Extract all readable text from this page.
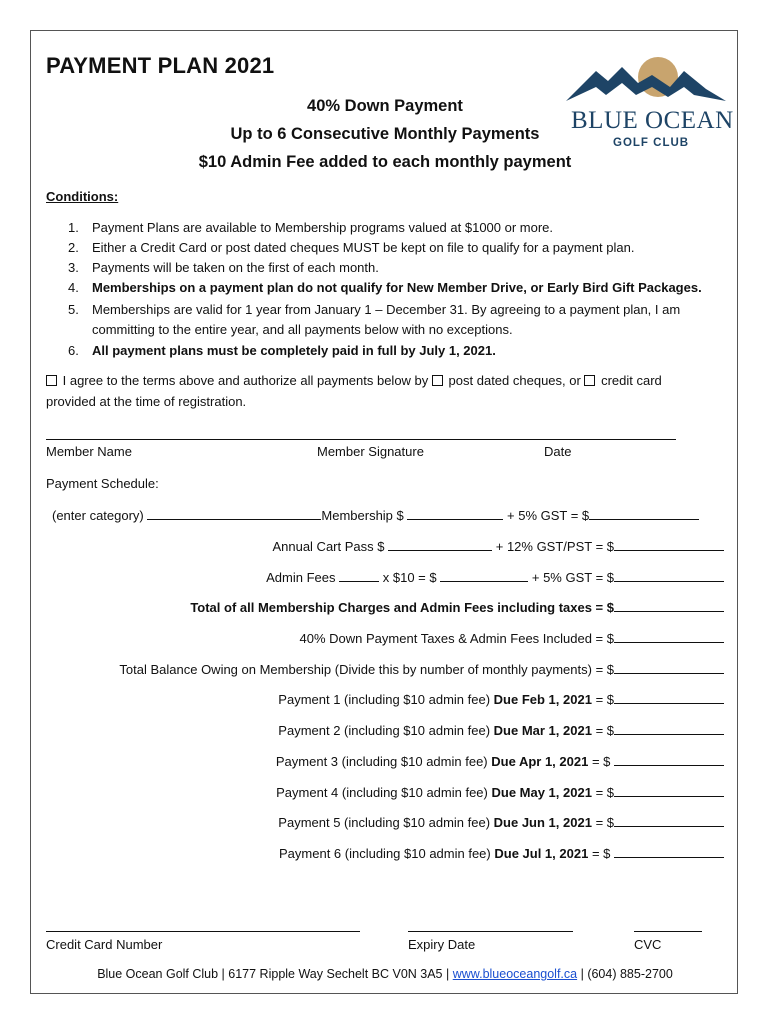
PAYMENT PLAN 2021
BLUE OCEAN
GOLF CLUB
40% Down Payment
Up to 6 Consecutive Monthly Payments
$10 Admin Fee added to each monthly payment
Conditions:
1. Payment Plans are available to Membership programs valued at $1000 or more.
2. Either a Credit Card or post dated cheques MUST be kept on file to qualify for a payment plan.
3. Payments will be taken on the first of each month.
4. Memberships on a payment plan do not qualify for New Member Drive, or Early Bird Gift Packages.
5. Memberships are valid for 1 year from January 1 – December 31. By agreeing to a payment plan, I am
committing to the entire year, and all payments below with no exceptions.
6. All payment plans must be completely paid in full by July 1, 2021.
I agree to the terms above and authorize all payments below by post dated cheques, or credit card
provided at the time of registration.
Member Name	Member Signature	Date
Payment Schedule:
(enter category)	Membership $	+ 5% GST = $
Annual Cart Pass $	+ 12% GST/PST = $
Admin Fees	x $10 = $	+ 5% GST = $
Total of all Membership Charges and Admin Fees including taxes = $
40% Down Payment Taxes & Admin Fees Included = $
Total Balance Owing on Membership (Divide this by number of monthly payments) = $
Payment 1 (including $10 admin fee) Due Feb 1, 2021 = $
Payment 2 (including $10 admin fee) Due Mar 1, 2021 = $
Payment 3 (including $10 admin fee) Due Apr 1, 2021 = $
Payment 4 (including $10 admin fee) Due May 1, 2021 = $
Payment 5 (including $10 admin fee) Due Jun 1, 2021 = $
Payment 6 (including $10 admin fee) Due Jul 1, 2021 = $
Credit Card Number	Expiry Date	CVC
Blue Ocean Golf Club | 6177 Ripple Way Sechelt BC V0N 3A5 | www.blueoceangolf.ca | (604) 885-2700
